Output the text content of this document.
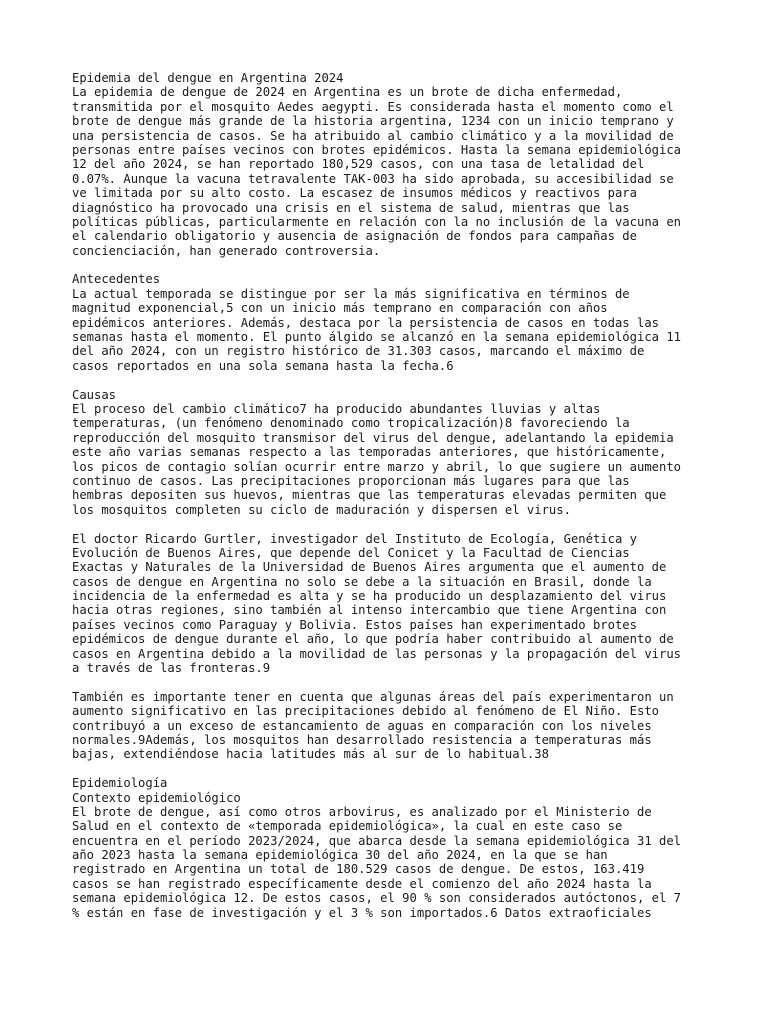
Epidemia del dengue en Argentina 2024
La epidemia de dengue de 2024 en Argentina es un brote de dicha enfermedad,
transmitida por el mosquito Aedes aegypti. Es considerada hasta el momento como el
brote de dengue más grande de la historia argentina, 1234 con un inicio temprano y
una persistencia de casos. Se ha atribuido al cambio climático y a la movilidad de
personas entre países vecinos con brotes epidémicos. Hasta la semana epidemiológica
12 del año 2024, se han reportado 180,529 casos, con una tasa de letalidad del
0.07%. Aunque la vacuna tetravalente TAK-003 ha sido aprobada, su accesibilidad se
ve limitada por su alto costo. La escasez de insumos médicos y reactivos para
diagnóstico ha provocado una crisis en el sistema de salud, mientras que las
políticas públicas, particularmente en relación con la no inclusión de la vacuna en
el calendario obligatorio y ausencia de asignación de fondos para campañas de
concienciación, han generado controversia.
Antecedentes
La actual temporada se distingue por ser la más significativa en términos de
magnitud exponencial,5 con un inicio más temprano en comparación con años
epidémicos anteriores. Además, destaca por la persistencia de casos en todas las
semanas hasta el momento. El punto álgido se alcanzó en la semana epidemiológica 11
del año 2024, con un registro histórico de 31.303 casos, marcando el máximo de
casos reportados en una sola semana hasta la fecha.6
Causas
El proceso del cambio climático7 ha producido abundantes lluvias y altas
temperaturas, (un fenómeno denominado como tropicalización)8 favoreciendo la
reproducción del mosquito transmisor del virus del dengue, adelantando la epidemia
este año varias semanas respecto a las temporadas anteriores, que históricamente,
los picos de contagio solían ocurrir entre marzo y abril, lo que sugiere un aumento
continuo de casos. Las precipitaciones proporcionan más lugares para que las
hembras depositen sus huevos, mientras que las temperaturas elevadas permiten que
los mosquitos completen su ciclo de maduración y dispersen el virus.
El doctor Ricardo Gurtler, investigador del Instituto de Ecología, Genética y
Evolución de Buenos Aires, que depende del Conicet y la Facultad de Ciencias
Exactas y Naturales de la Universidad de Buenos Aires argumenta que el aumento de
casos de dengue en Argentina no solo se debe a la situación en Brasil, donde la
incidencia de la enfermedad es alta y se ha producido un desplazamiento del virus
hacia otras regiones, sino también al intenso intercambio que tiene Argentina con
países vecinos como Paraguay y Bolivia. Estos países han experimentado brotes
epidémicos de dengue durante el año, lo que podría haber contribuido al aumento de
casos en Argentina debido a la movilidad de las personas y la propagación del virus
a través de las fronteras.9
También es importante tener en cuenta que algunas áreas del país experimentaron un
aumento significativo en las precipitaciones debido al fenómeno de El Niño. Esto
contribuyó a un exceso de estancamiento de aguas en comparación con los niveles
normales.9Además, los mosquitos han desarrollado resistencia a temperaturas más
bajas, extendiéndose hacia latitudes más al sur de lo habitual.38
Epidemiología
Contexto epidemiológico
El brote de dengue, así como otros arbovirus, es analizado por el Ministerio de
Salud en el contexto de «temporada epidemiológica», la cual en este caso se
encuentra en el período 2023/2024, que abarca desde la semana epidemiológica 31 del
año 2023 hasta la semana epidemiológica 30 del año 2024, en la que se han
registrado en Argentina un total de 180.529 casos de dengue. De estos, 163.419
casos se han registrado específicamente desde el comienzo del año 2024 hasta la
semana epidemiológica 12. De estos casos, el 90 % son considerados autóctonos, el 7
% están en fase de investigación y el 3 % son importados.6 Datos extraoficiales
